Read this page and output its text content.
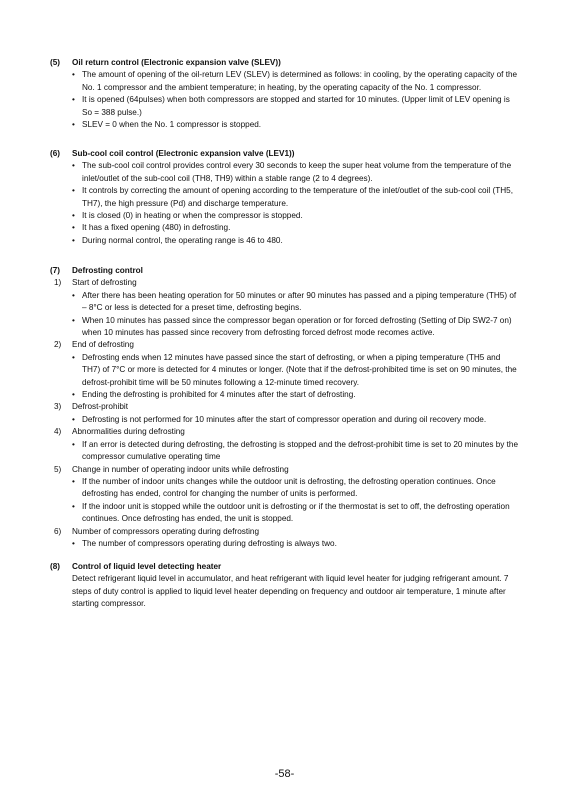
(5)	Oil return control (Electronic expansion valve (SLEV))
• The amount of opening of the oil-return LEV (SLEV) is determined as follows: in cooling, by the operating capacity of the No. 1 compressor and the ambient temperature; in heating, by the operating capacity of the No. 1 compressor.
• It is opened (64pulses) when both compressors are stopped and started for 10 minutes. (Upper limit of LEV opening is So = 388 pulse.)
• SLEV = 0 when the No. 1 compressor is stopped.
(6)	Sub-cool coil control (Electronic expansion valve (LEV1))
• The sub-cool coil control provides control every 30 seconds to keep the super heat volume from the temperature of the inlet/outlet of the sub-cool coil (TH8, TH9) within a stable range (2 to 4 degrees).
• It controls by correcting the amount of opening according to the temperature of the inlet/outlet of the sub-cool coil (TH5, TH7), the high pressure (Pd) and discharge temperature.
• It is closed (0) in heating or when the compressor is stopped.
• It has a fixed opening (480) in defrosting.
• During normal control, the operating range is 46 to 480.
(7)	Defrosting control
1)	Start of defrosting
• After there has been heating operation for 50 minutes or after 90 minutes has passed and a piping temperature (TH5) of – 8°C or less is detected for a preset time, defrosting begins.
• When 10 minutes has passed since the compressor began operation or for forced defrosting (Setting of Dip SW2-7 on) when 10 minutes has passed since recovery from defrosting forced defrost mode recomes active.
2)	End of defrosting
• Defrosting ends when 12 minutes have passed since the start of defrosting, or when a piping temperature (TH5 and TH7) of 7°C or more is detected for 4 minutes or longer. (Note that if the defrost-prohibited time is set on 90 minutes, the defrost-prohibit time will be 50 minutes following a 12-minute timed recovery.
• Ending the defrosting is prohibited for 4 minutes after the start of defrosting.
3)	Defrost-prohibit
• Defrosting is not performed for 10 minutes after the start of compressor operation and during oil recovery mode.
4)	Abnormalities during defrosting
• If an error is detected during defrosting, the defrosting is stopped and the defrost-prohibit time is set to 20 minutes by the compressor cumulative operating time
5)	Change in number of operating indoor units while defrosting
• If the number of indoor units changes while the outdoor unit is defrosting, the defrosting operation continues. Once defrosting has ended, control for changing the number of units is performed.
• If the indoor unit is stopped while the outdoor unit is defrosting or if the thermostat is set to off, the defrosting operation continues. Once defrosting has ended, the unit is stopped.
6)	Number of compressors operating during defrosting
• The number of compressors operating during defrosting is always two.
(8)	Control of liquid level detecting heater
Detect refrigerant liquid level in accumulator, and heat refrigerant with liquid level heater for judging refrigerant amount. 7 steps of duty control is applied to liquid level heater depending on frequency and outdoor air temperature, 1 minute after starting compressor.
-58-
